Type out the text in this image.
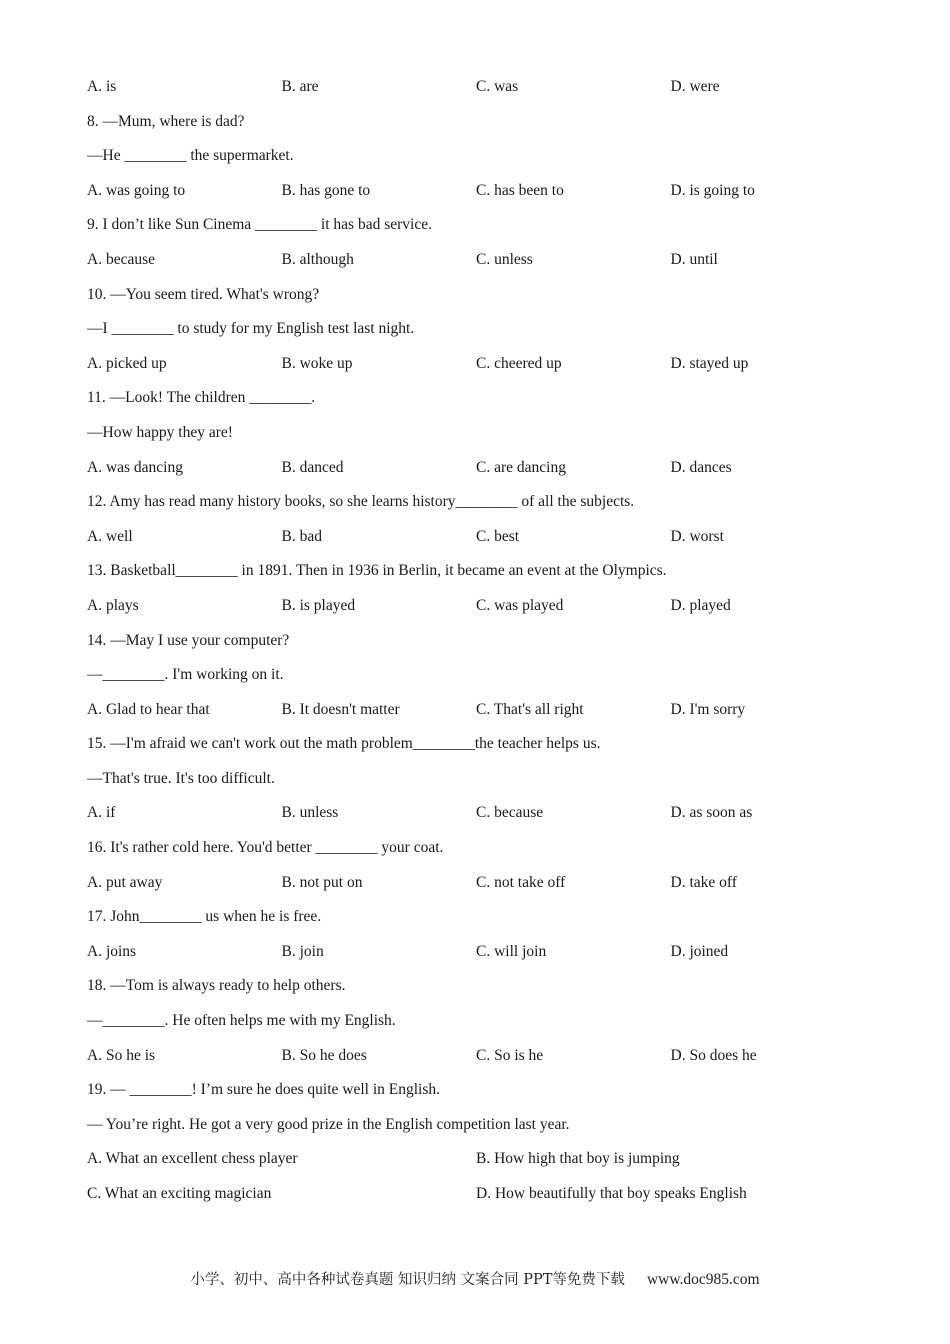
A. is	B. are	C. was	D. were
8. —Mum, where is dad?
—He ________ the supermarket.
A. was going to	B. has gone to	C. has been to	D. is going to
9. I don’t like Sun Cinema ________ it has bad service.
A. because	B. although	C. unless	D. until
10. —You seem tired. What's wrong?
—I ________ to study for my English test last night.
A. picked up	B. woke up	C. cheered up	D. stayed up
11. —Look! The children ________.
—How happy they are!
A. was dancing	B. danced	C. are dancing	D. dances
12. Amy has read many history books, so she learns history________ of all the subjects.
A. well	B. bad	C. best	D. worst
13. Basketball________ in 1891. Then in 1936 in Berlin, it became an event at the Olympics.
A. plays	B. is played	C. was played	D. played
14. —May I use your computer?
—________. I'm working on it.
A. Glad to hear that	B. It doesn't matter	C. That's all right	D. I'm sorry
15. —I'm afraid we can't work out the math problem________the teacher helps us.
—That's true. It's too difficult.
A. if	B. unless	C. because	D. as soon as
16. It's rather cold here. You'd better ________ your coat.
A. put away	B. not put on	C. not take off	D. take off
17. John________ us when he is free.
A. joins	B. join	C. will join	D. joined
18. —Tom is always ready to help others.
—________. He often helps me with my English.
A. So he is	B. So he does	C. So is he	D. So does he
19. — ________! I’m sure he does quite well in English.
— You’re right. He got a very good prize in the English competition last year.
A. What an excellent chess player	B. How high that boy is jumping
C. What an exciting magician	D. How beautifully that boy speaks English
小学、初中、高中各种试卷真题 知识归纳 文案合同 PPT等免费下载 www.doc985.com
